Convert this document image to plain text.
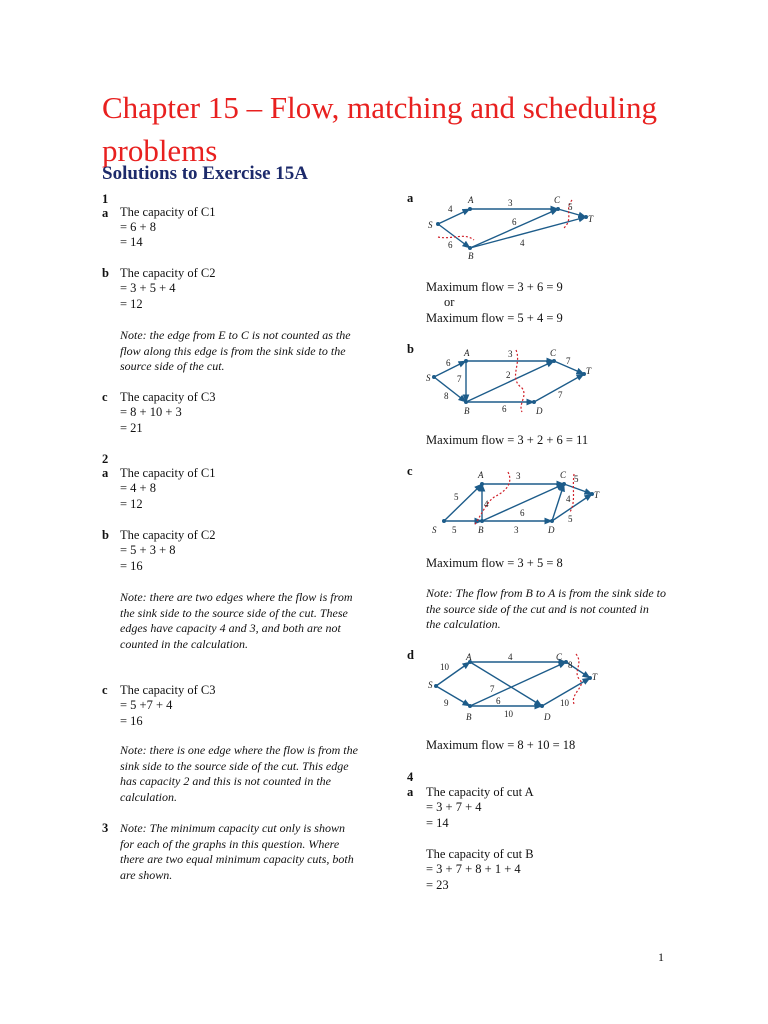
Chapter 15 – Flow, matching and scheduling problems
Solutions to Exercise 15A
1
a The capacity of C1
= 6 + 8
= 14
b The capacity of C2
= 3 + 5 + 4
= 12
Note: the edge from E to C is not counted as the flow along this edge is from the sink side to the source side of the cut.
c The capacity of C3
= 8 + 10 + 3
= 21
2
a The capacity of C1
= 4 + 8
= 12
b The capacity of C2
= 5 + 3 + 8
= 16
Note: there are two edges where the flow is from the sink side to the source side of the cut. These edges have capacity 4 and 3, and both are not counted in the calculation.
c The capacity of C3
= 5 +7 + 4
= 16
Note: there is one edge where the flow is from the sink side to the source side of the cut. This edge has capacity 2 and this is not counted in the calculation.
3 Note: The minimum capacity cut only is shown for each of the graphs in this question. Where there are two equal minimum capacity cuts, both are shown.
a
S
A
B
C
T
4
3	5
6
6	4
Maximum flow = 3 + 6 = 9
or
Maximum flow = 5 + 4 = 9
b
S
A
B
C
D
T
6
3
7
7	2
8
6
7
Maximum flow = 3 + 2 + 6 = 11
c
S
A
B
C
D
T
5
3	5
4	4
6
5
5
3
Maximum flow = 3 + 5 = 8
Note: The flow from B to A is from the sink side to the source side of the cut and is not counted in the calculation.
d
S
A
B
C
D
T
10
4
8
9
7
6
10
10
Maximum flow = 8 + 10 = 18
4
a The capacity of cut A
= 3 + 7 + 4
= 14
The capacity of cut B
= 3 + 7 + 8 + 1 + 4
= 23
1
